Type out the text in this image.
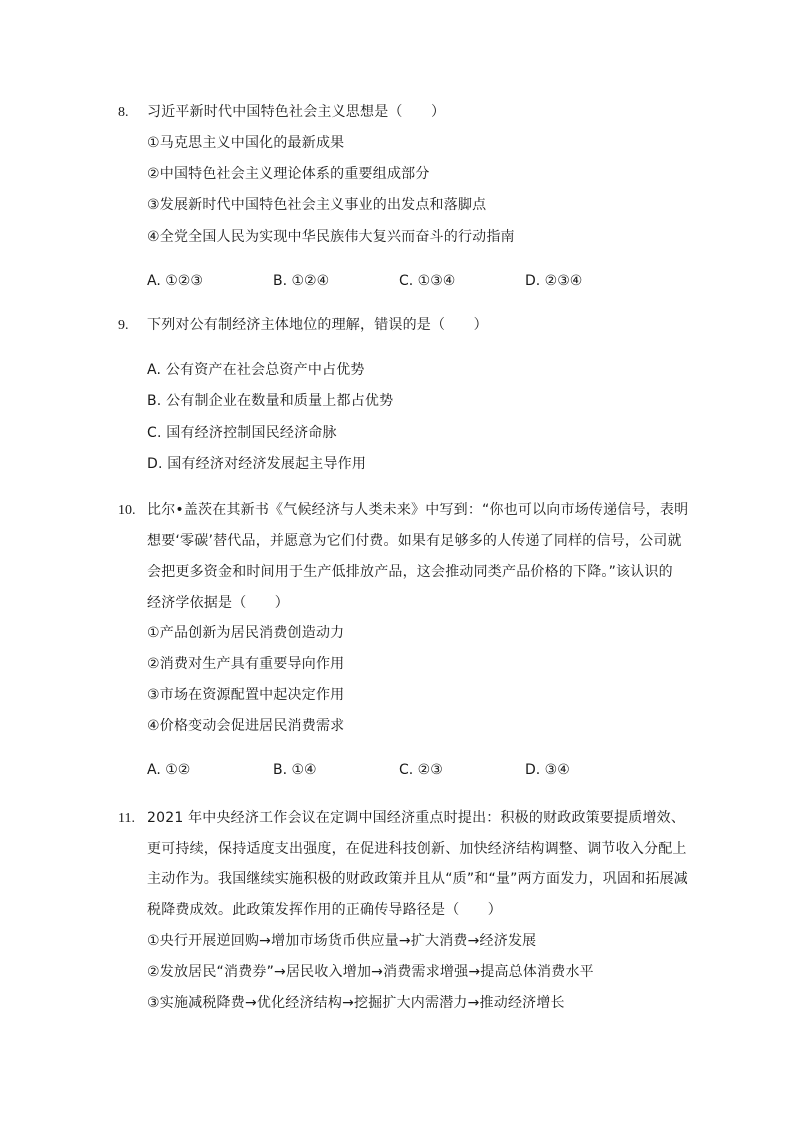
8. 习近平新时代中国特色社会主义思想是（　　）
①马克思主义中国化的最新成果
②中国特色社会主义理论体系的重要组成部分
③发展新时代中国特色社会主义事业的出发点和落脚点
④全党全国人民为实现中华民族伟大复兴而奋斗的行动指南
A. ①②③	B. ①②④	C. ①③④	D. ②③④
9. 下列对公有制经济主体地位的理解，错误的是（　　）
A. 公有资产在社会总资产中占优势
B. 公有制企业在数量和质量上都占优势
C. 国有经济控制国民经济命脉
D. 国有经济对经济发展起主导作用
10. 比尔•盖茨在其新书《气候经济与人类未来》中写到：“你也可以向市场传递信号，表明
想要‘零碳’替代品，并愿意为它们付费。如果有足够多的人传递了同样的信号，公司就
会把更多资金和时间用于生产低排放产品，这会推动同类产品价格的下降。”该认识的
经济学依据是（　　）
①产品创新为居民消费创造动力
②消费对生产具有重要导向作用
③市场在资源配置中起决定作用
④价格变动会促进居民消费需求
A. ①②	B. ①④	C. ②③	D. ③④
11. 2021 年中央经济工作会议在定调中国经济重点时提出：积极的财政政策要提质增效、
更可持续，保持适度支出强度，在促进科技创新、加快经济结构调整、调节收入分配上
主动作为。我国继续实施积极的财政政策并且从“质”和“量”两方面发力，巩固和拓展减
税降费成效。此政策发挥作用的正确传导路径是（　　）
①央行开展逆回购→增加市场货币供应量→扩大消费→经济发展
②发放居民“消费券”→居民收入增加→消费需求增强→提高总体消费水平
③实施减税降费→优化经济结构→挖掘扩大内需潜力→推动经济增长
